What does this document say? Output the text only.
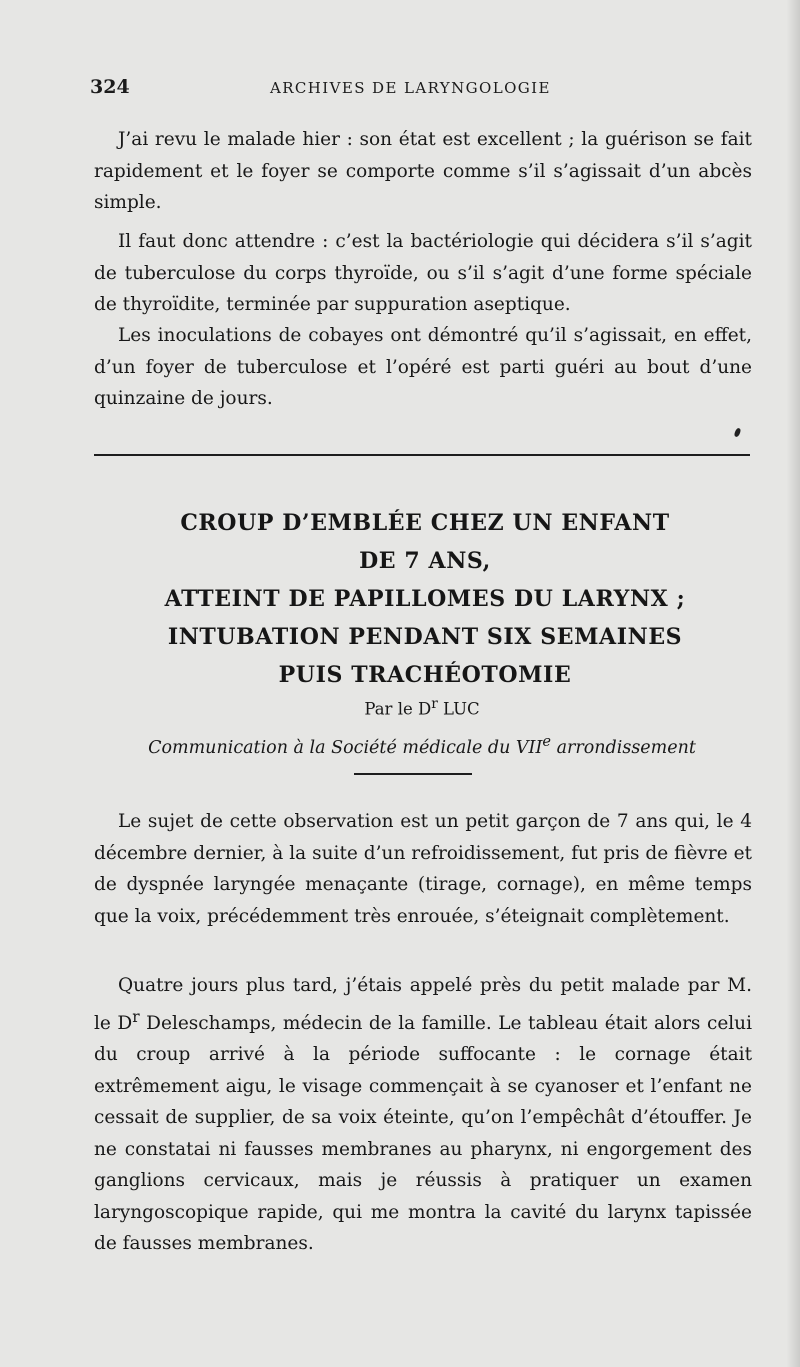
324	ARCHIVES DE LARYNGOLOGIE

J’ai revu le malade hier : son état est excellent ; la guérison se fait rapidement et le foyer se comporte comme s’il s’agissait d’un abcès simple.

Il faut donc attendre : c’est la bactériologie qui décidera s’il s’agit de tuberculose du corps thyroïde, ou s’il s’agit d’une forme spéciale de thyroïdite, terminée par suppuration aseptique.

Les inoculations de cobayes ont démontré qu’il s’agissait, en effet, d’un foyer de tuberculose et l’opéré est parti guéri au bout d’une quinzaine de jours.

CROUP D’EMBLÉE CHEZ UN ENFANT
DE 7 ANS,
ATTEINT DE PAPILLOMES DU LARYNX ;
INTUBATION PENDANT SIX SEMAINES
PUIS TRACHÉOTOMIE
Par le $D^r$ LUC
Communication à la Société médicale du VIIe arrondissement

Le sujet de cette observation est un petit garçon de 7 ans qui, le 4 décembre dernier, à la suite d’un refroidissement, fut pris de fièvre et de dyspnée laryngée menaçante (tirage, cornage), en même temps que la voix, précédemment très enrouée, s’éteignait complètement.

Quatre jours plus tard, j’étais appelé près du petit malade par M. le $D^r$ Deleschamps, médecin de la famille. Le tableau était alors celui du croup arrivé à la période suffocante : le cornage était extrêmement aigu, le visage commençait à se cyanoser et l’enfant ne cessait de supplier, de sa voix éteinte, qu’on l’empêchât d’étouffer. Je ne constatai ni fausses membranes au pharynx, ni engorgement des ganglions cervicaux, mais je réussis à pratiquer un examen laryngoscopique rapide, qui me montra la cavité du larynx tapissée de fausses membranes.
